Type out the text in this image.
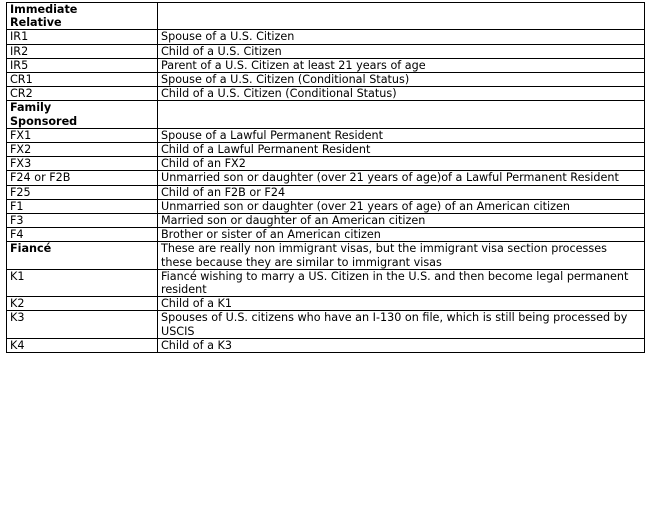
Immediate
Relative	
IR1	Spouse of a U.S. Citizen
IR2	Child of a U.S. Citizen
IR5	Parent of a U.S. Citizen at least 21 years of age
CR1	Spouse of a U.S. Citizen (Conditional Status)
CR2	Child of a U.S. Citizen (Conditional Status)
Family
Sponsored	
FX1	Spouse of a Lawful Permanent Resident
FX2	Child of a Lawful Permanent Resident
FX3	Child of an FX2
F24 or F2B	Unmarried son or daughter (over 21 years of age)of a Lawful Permanent Resident
F25	Child of an F2B or F24
F1	Unmarried son or daughter (over 21 years of age) of an American citizen
F3	Married son or daughter of an American citizen
F4	Brother or sister of an American citizen
Fiancé	These are really non immigrant visas, but the immigrant visa section processes these because they are similar to immigrant visas
K1	Fiancé wishing to marry a US. Citizen in the U.S. and then become legal permanent resident
K2	Child of a K1
K3	Spouses of U.S. citizens who have an I-130 on file, which is still being processed by USCIS
K4	Child of a K3
